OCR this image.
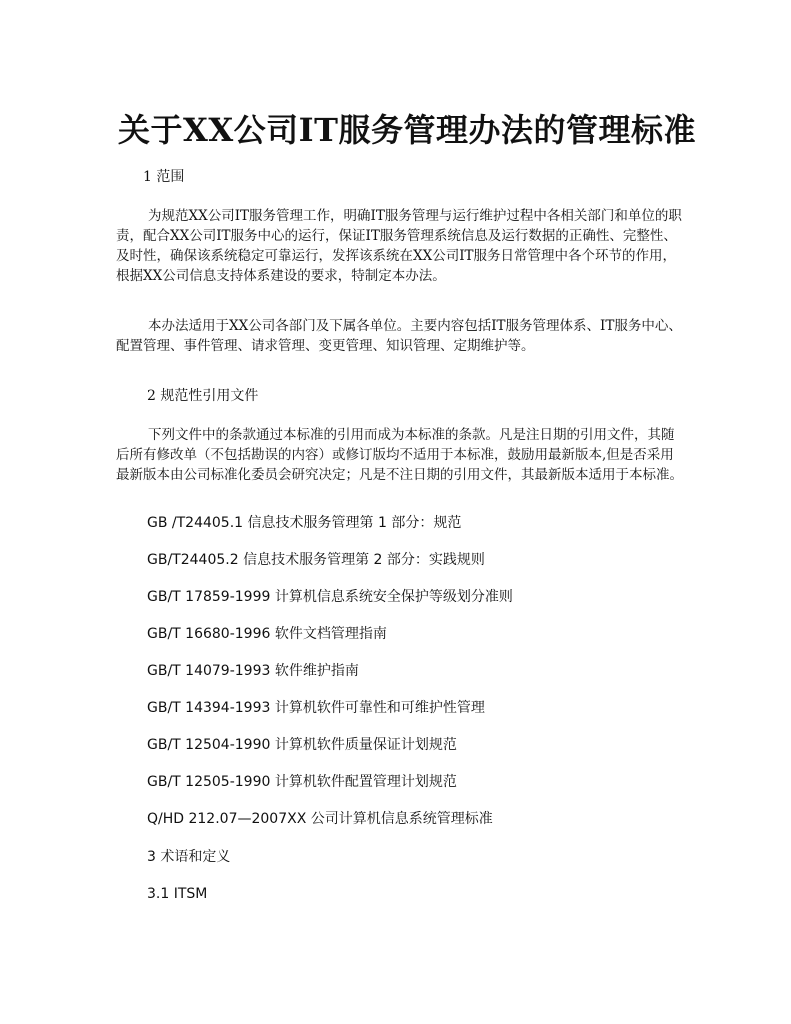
关于XX公司IT服务管理办法的管理标准

1 范围

为规范XX公司IT服务管理工作，明确IT服务管理与运行维护过程中各相关部门和单位的职责，配合XX公司IT服务中心的运行，保证IT服务管理系统信息及运行数据的正确性、完整性、及时性，确保该系统稳定可靠运行，发挥该系统在XX公司IT服务日常管理中各个环节的作用，根据XX公司信息支持体系建设的要求，特制定本办法。

本办法适用于XX公司各部门及下属各单位。主要内容包括IT服务管理体系、IT服务中心、配置管理、事件管理、请求管理、变更管理、知识管理、定期维护等。

2 规范性引用文件

下列文件中的条款通过本标准的引用而成为本标准的条款。凡是注日期的引用文件，其随后所有修改单（不包括勘误的内容）或修订版均不适用于本标准，鼓励用最新版本,但是否采用最新版本由公司标准化委员会研究决定；凡是不注日期的引用文件，其最新版本适用于本标准。

GB /T24405.1 信息技术服务管理第 1 部分：规范
GB/T24405.2 信息技术服务管理第 2 部分：实践规则
GB/T 17859-1999 计算机信息系统安全保护等级划分准则
GB/T 16680-1996 软件文档管理指南
GB/T 14079-1993 软件维护指南
GB/T 14394-1993 计算机软件可靠性和可维护性管理
GB/T 12504-1990 计算机软件质量保证计划规范
GB/T 12505-1990 计算机软件配置管理计划规范
Q/HD 212.07—2007XX 公司计算机信息系统管理标准

3 术语和定义

3.1 ITSM
